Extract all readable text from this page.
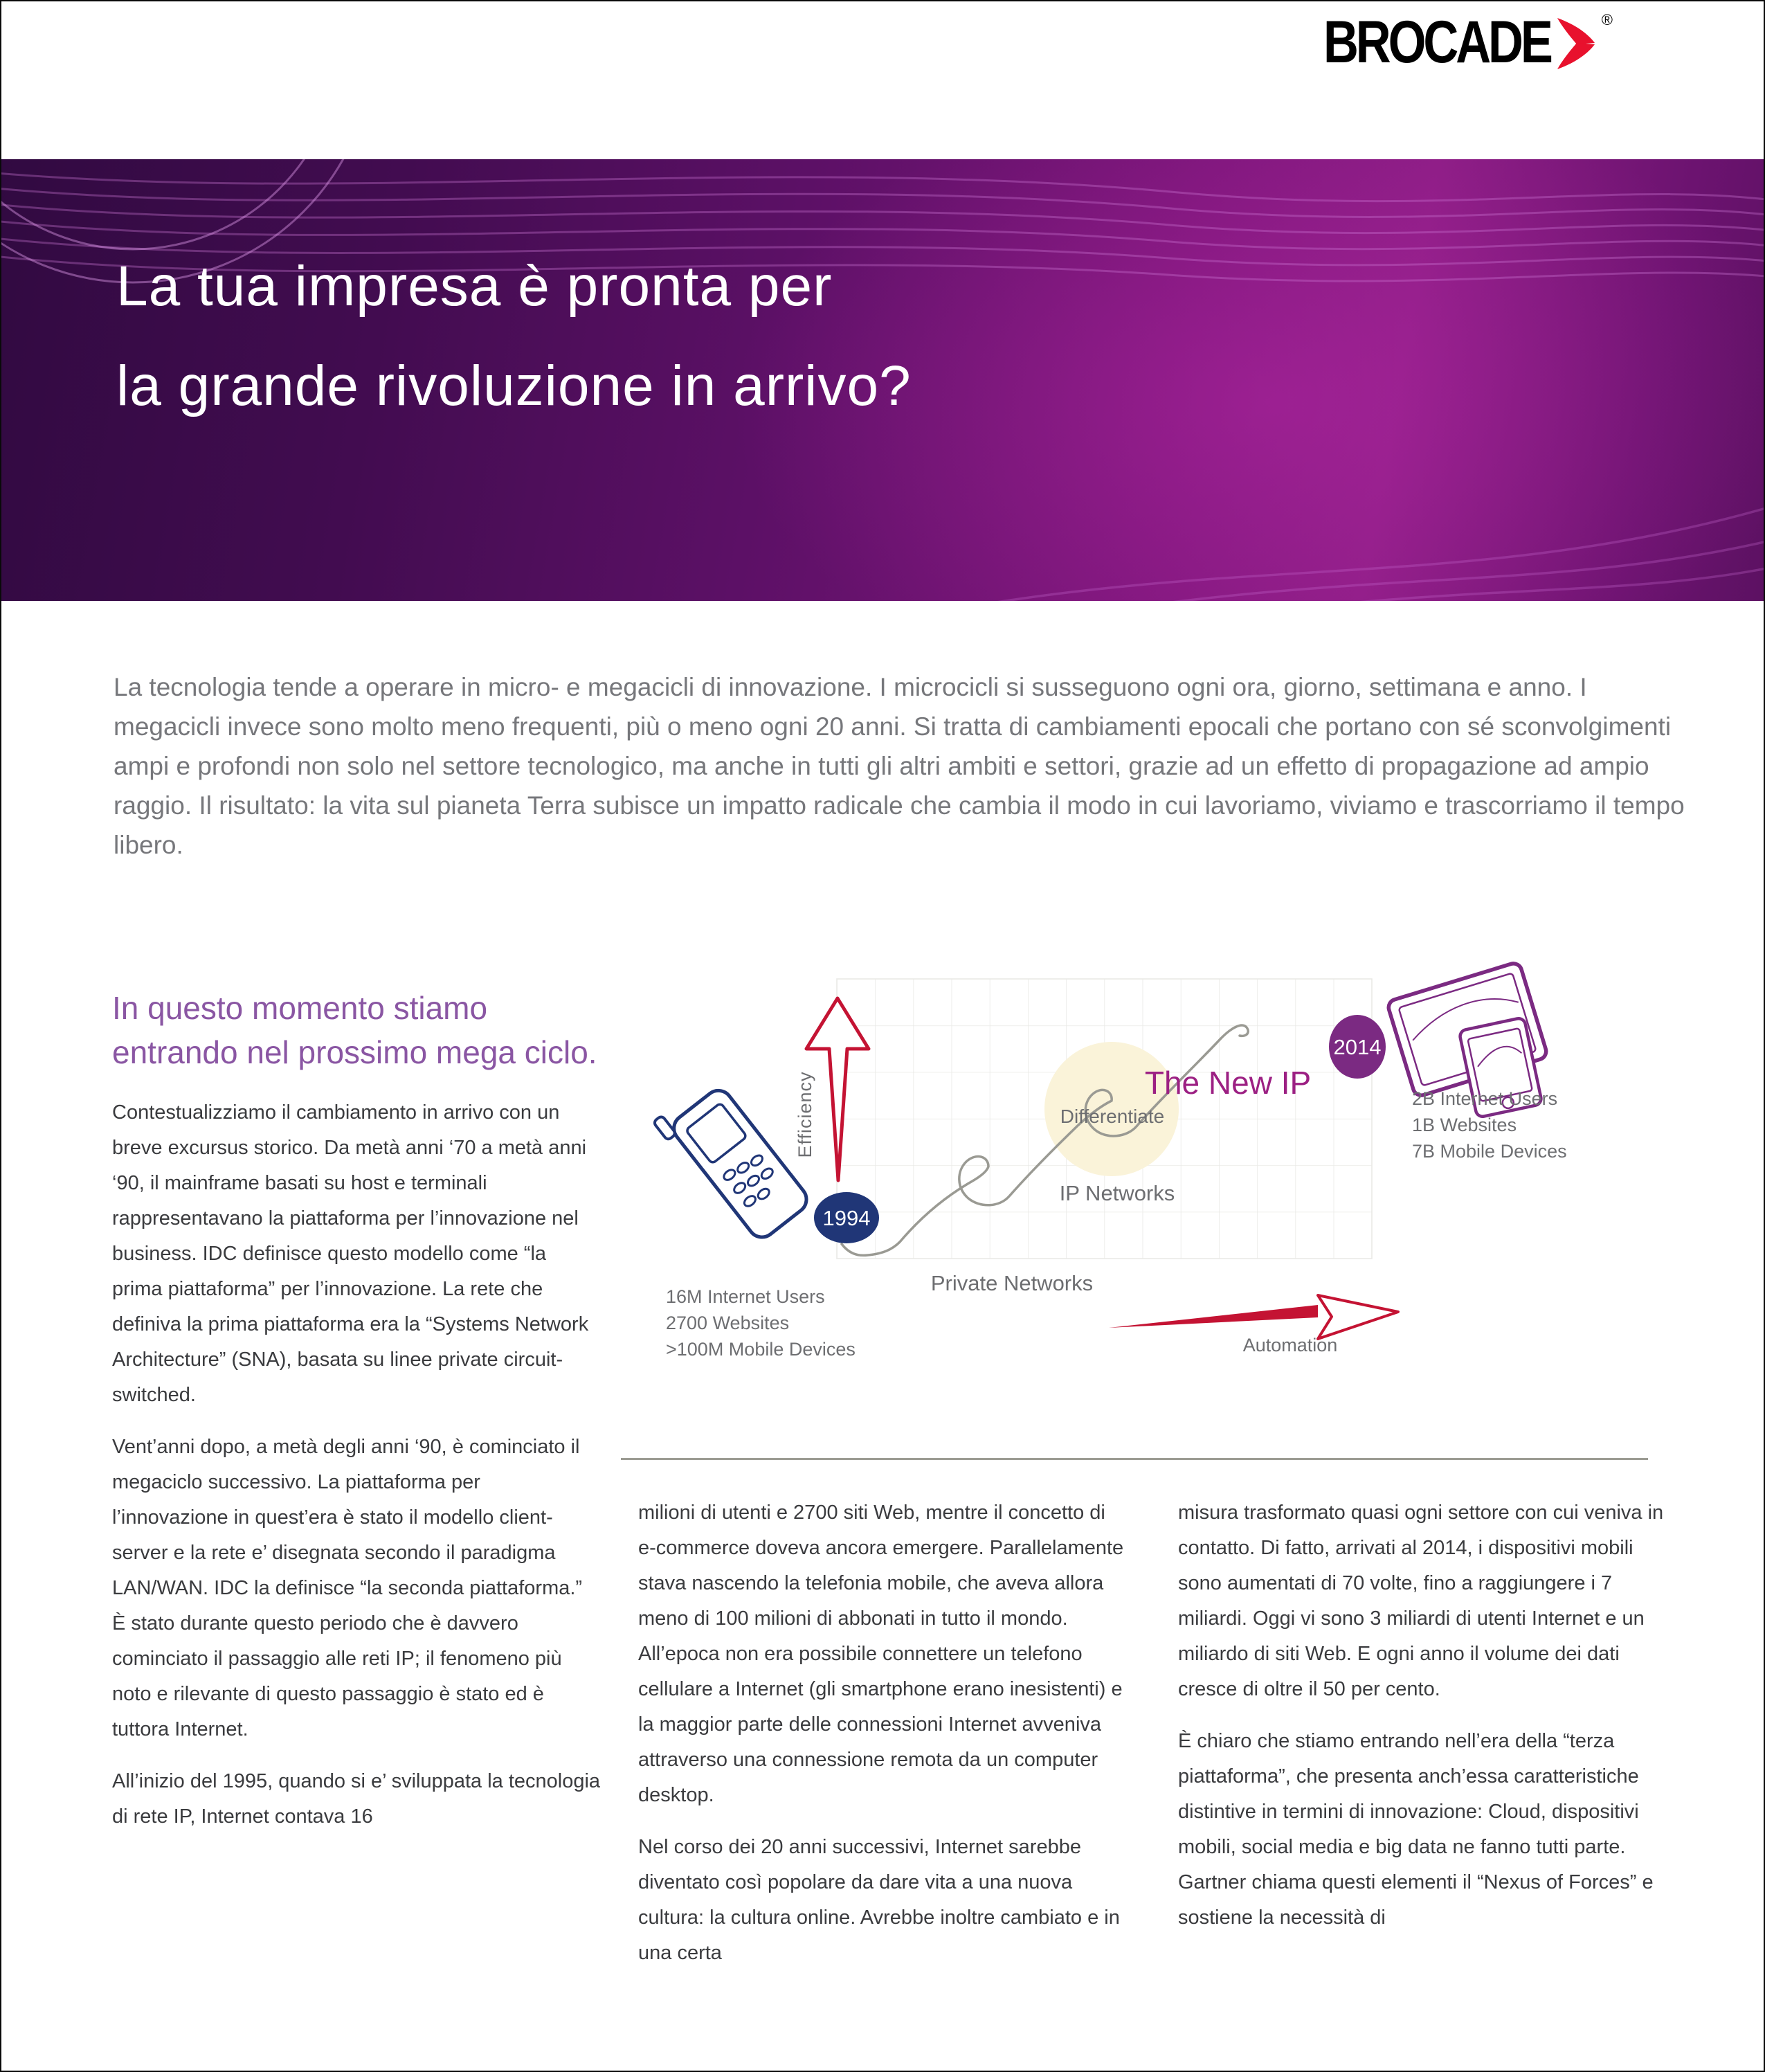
BROCADE	®
La tua impresa è pronta per
la grande rivoluzione in arrivo?

La tecnologia tende a operare in micro- e megacicli di innovazione. I microcicli si susseguono ogni ora, giorno, settimana e anno. I megacicli invece sono molto meno frequenti, più o meno ogni 20 anni. Si tratta di cambiamenti epocali che portano con sé sconvolgimenti ampi e profondi non solo nel settore tecnologico, ma anche in tutti gli altri ambiti e settori, grazie ad un effetto di propagazione ad ampio raggio. Il risultato: la vita sul pianeta Terra subisce un impatto radicale che cambia il modo in cui lavoriamo, viviamo e trascorriamo il tempo libero.

In questo momento stiamo entrando nel prossimo mega ciclo.

Contestualizziamo il cambiamento in arrivo con un breve excursus storico. Da metà anni ‘70 a metà anni ‘90, il mainframe basati su host e terminali rappresentavano la piattaforma per l’innovazione nel business. IDC definisce questo modello come “la prima piattaforma” per l’innovazione. La rete che definiva la prima piattaforma era la “Systems Network Architecture” (SNA), basata su linee private circuit-switched.

Vent’anni dopo, a metà degli anni ‘90, è cominciato il megaciclo successivo. La piattaforma per l’innovazione in quest’era è stato il modello client-server e la rete e’ disegnata secondo il paradigma LAN/WAN. IDC la definisce “la seconda piattaforma.” È stato durante questo periodo che è davvero cominciato il passaggio alle reti IP; il fenomeno più noto e rilevante di questo passaggio è stato ed è tuttora Internet.

All’inizio del 1995, quando si e’ sviluppata la tecnologia di rete IP, Internet contava 16

Efficiency
Private Networks
IP Networks
The New IP
Differentiate
1994
2014
Automation
16M Internet Users
2700 Websites
>100M Mobile Devices
2B Internet Users
1B Websites
7B Mobile Devices

milioni di utenti e 2700 siti Web, mentre il concetto di e-commerce doveva ancora emergere. Parallelamente stava nascendo la telefonia mobile, che aveva allora meno di 100 milioni di abbonati in tutto il mondo. All’epoca non era possibile connettere un telefono cellulare a Internet (gli smartphone erano inesistenti) e la maggior parte delle connessioni Internet avveniva attraverso una connessione remota da un computer desktop.

Nel corso dei 20 anni successivi, Internet sarebbe diventato così popolare da dare vita a una nuova cultura: la cultura online. Avrebbe inoltre cambiato e in una certa

misura trasformato quasi ogni settore con cui veniva in contatto. Di fatto, arrivati al 2014, i dispositivi mobili sono aumentati di 70 volte, fino a raggiungere i 7 miliardi. Oggi vi sono 3 miliardi di utenti Internet e un miliardo di siti Web. E ogni anno il volume dei dati cresce di oltre il 50 per cento.

È chiaro che stiamo entrando nell’era della “terza piattaforma”, che presenta anch’essa caratteristiche distintive in termini di innovazione: Cloud, dispositivi mobili, social media e big data ne fanno tutti parte. Gartner chiama questi elementi il “Nexus of Forces” e sostiene la necessità di
